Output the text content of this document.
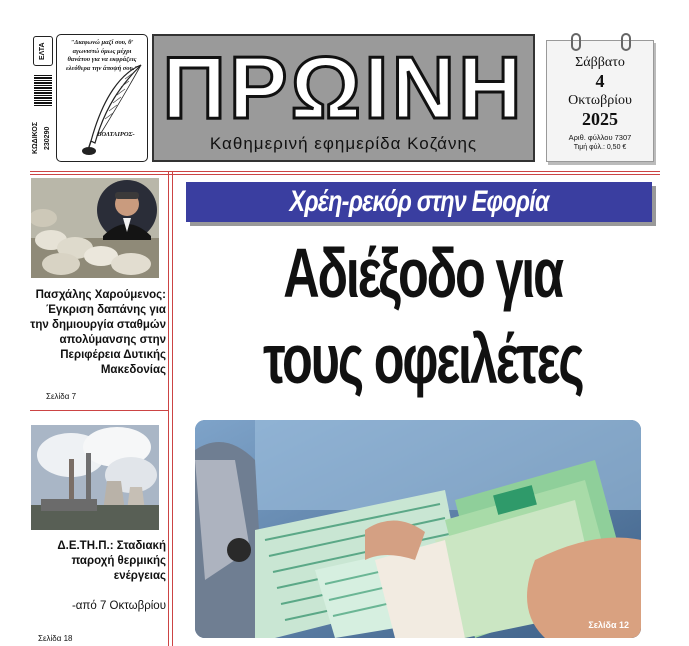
ΕΛΤΑ
ΚΩΔΙΚΟΣ 230290
"Διαφωνώ μαζί σου, θ' αγωνιστώ όμως μέχρι θανάτου για να εκφράζεις ελεύθερα την άποψή σου."
ΒΟΛΤΑΙΡΟΣ- ΠΡΩΙΝΗ
Καθημερινή εφημερίδα Κοζάνης
Σάββατο
4
Οκτωβρίου
2025
Αριθ. φύλλου 7307
Τιμή φύλ.: 0,50 €
Πασχάλης Χαρούμενος: Έγκριση δαπάνης για την δημιουργία σταθμών απολύμανσης στην Περιφέρεια Δυτικής Μακεδονίας
Σελίδα 7
Δ.Ε.ΤΗ.Π.: Σταδιακή παροχή θερμικής ενέργειας
-από 7 Οκτωβρίου
Σελίδα 18
Χρέη-ρεκόρ στην Εφορία
Αδιέξοδο για
τους οφειλέτες
Σελίδα 12
